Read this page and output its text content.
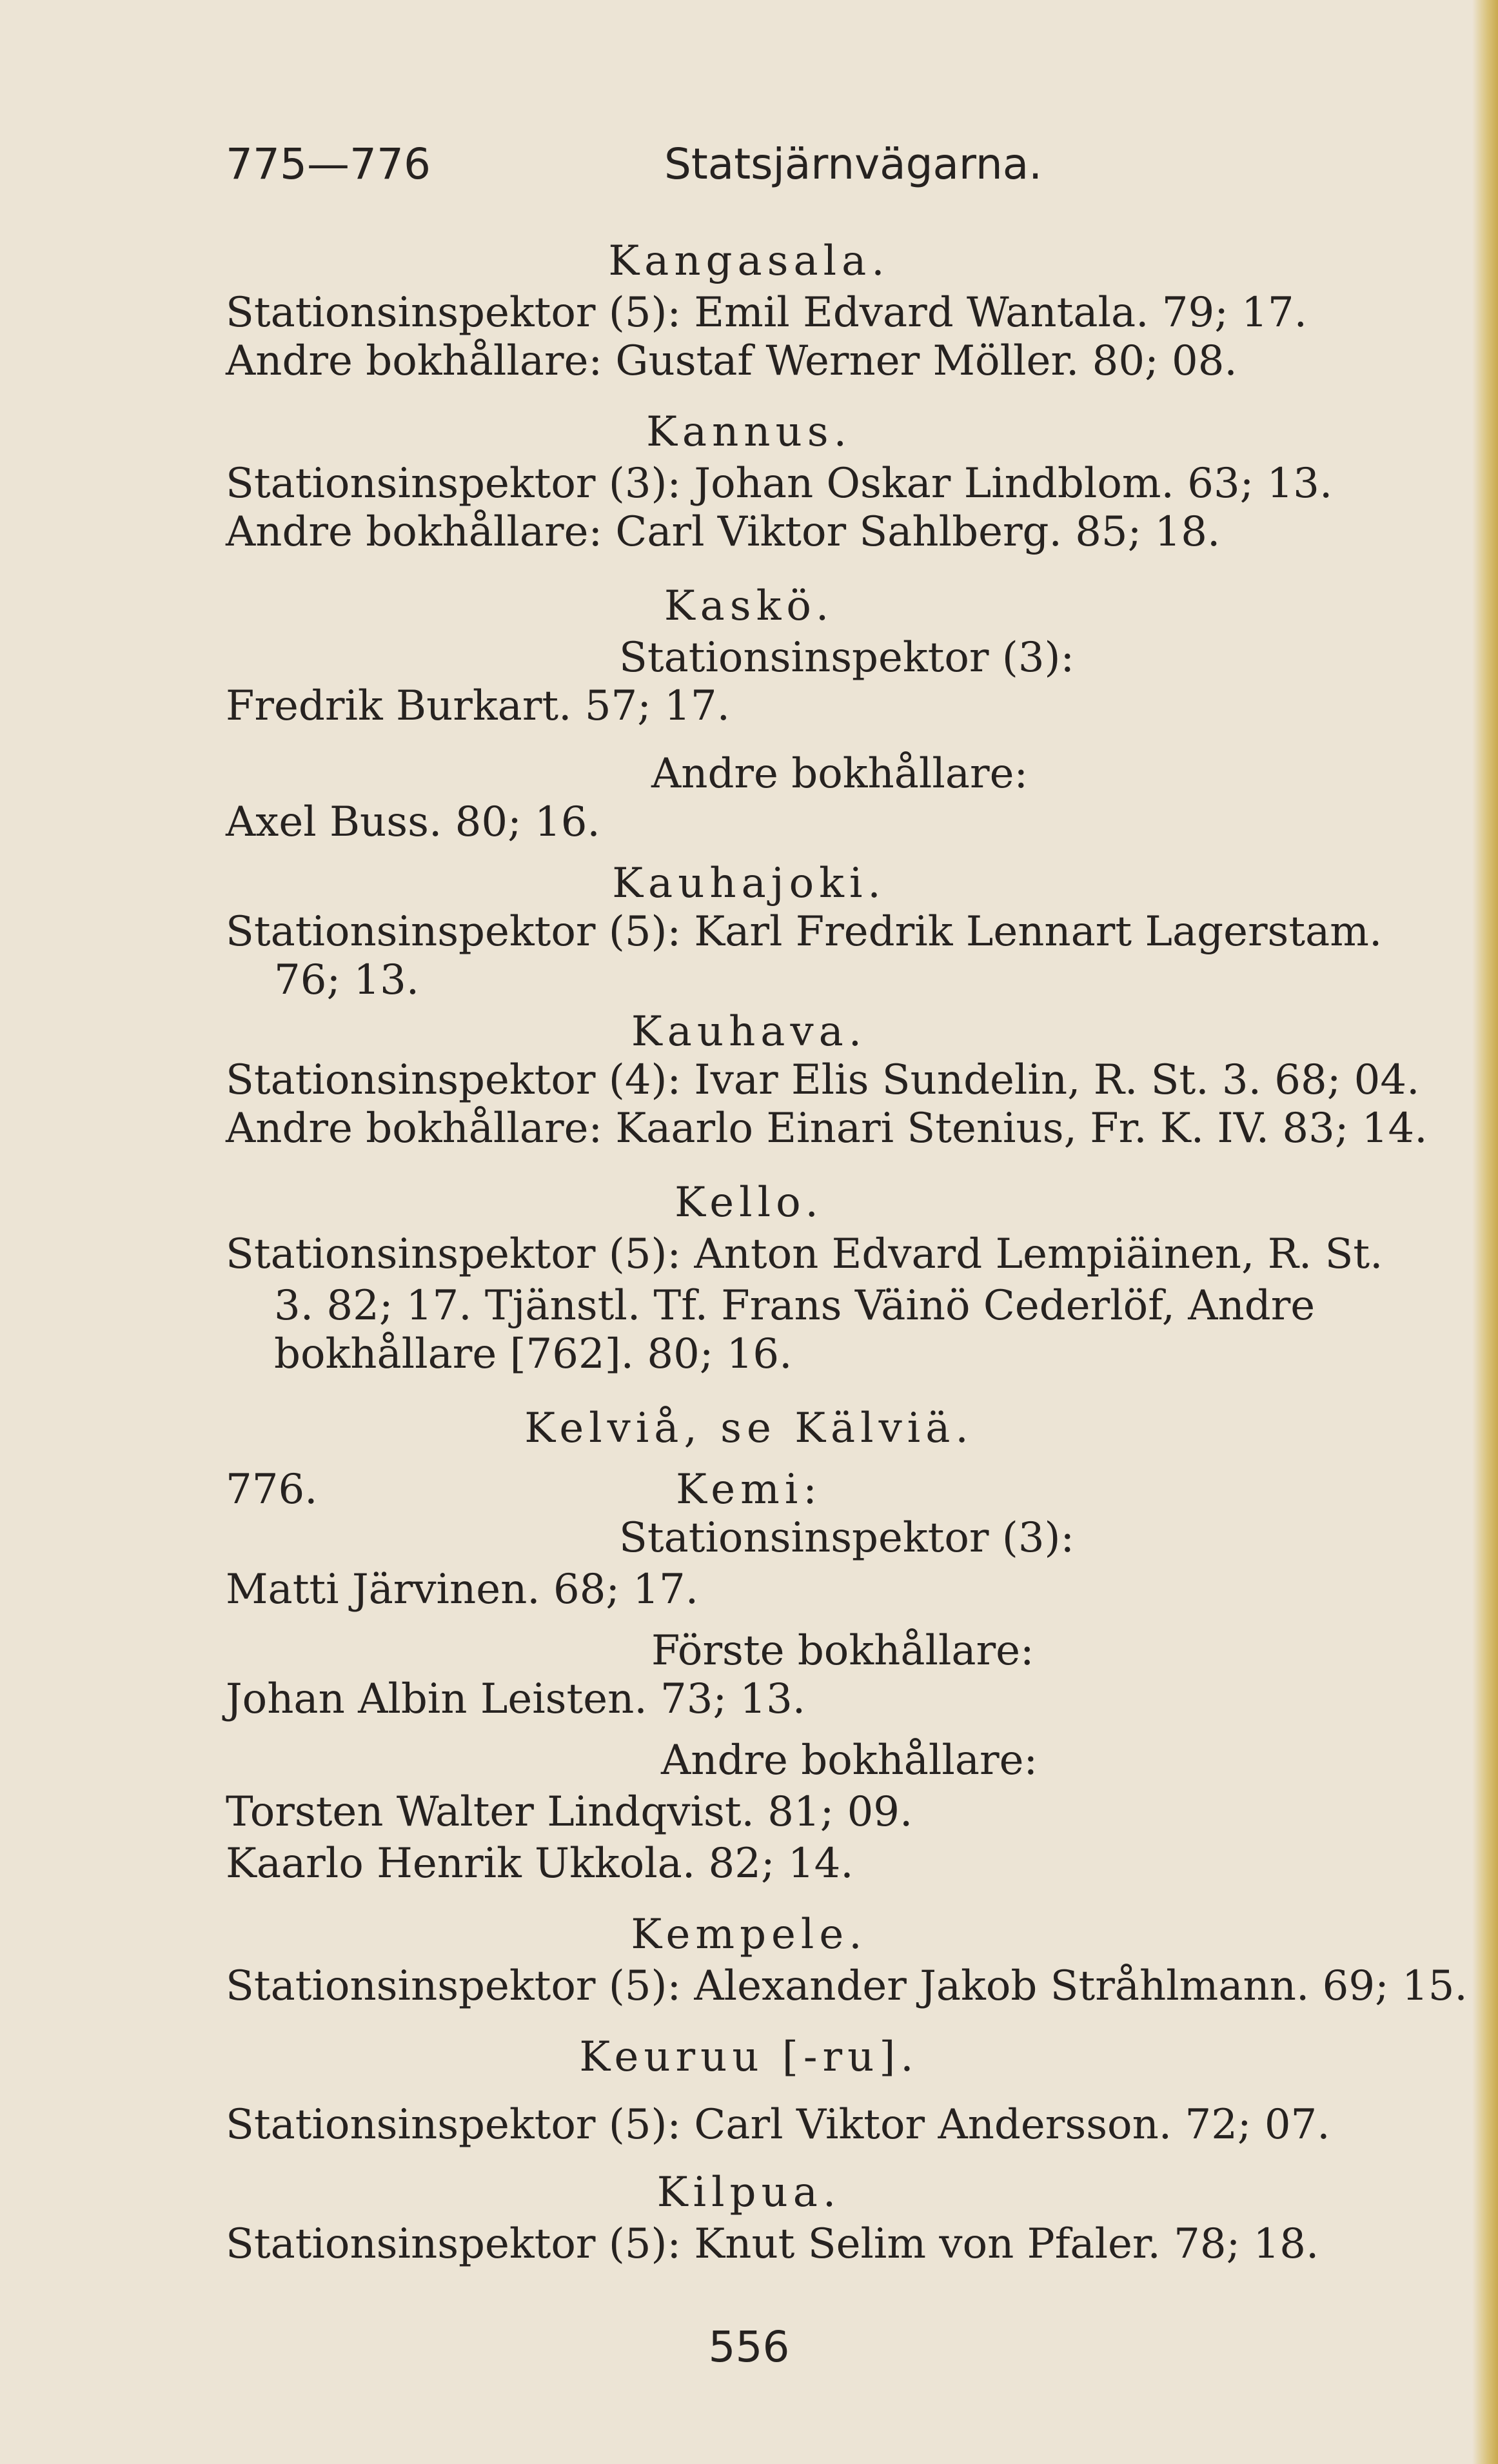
775—776	Statsjärnvägarna.
Kangasala.
Stationsinspektor (5): Emil Edvard Wantala. 79; 17.
Andre bokhållare: Gustaf Werner Möller. 80; 08.
Kannus.
Stationsinspektor (3): Johan Oskar Lindblom. 63; 13.
Andre bokhållare: Carl Viktor Sahlberg. 85; 18.
Kaskö.
Stationsinspektor (3):
Fredrik Burkart. 57; 17.
Andre bokhållare:
Axel Buss. 80; 16.
Kauhajoki.
Stationsinspektor (5): Karl Fredrik Lennart Lagerstam.
76; 13.
Kauhava.
Stationsinspektor (4): Ivar Elis Sundelin, R. St. 3. 68; 04.
Andre bokhållare: Kaarlo Einari Stenius, Fr. K. IV. 83; 14.
Kello.
Stationsinspektor (5): Anton Edvard Lempiäinen, R. St.
3. 82; 17. Tjänstl. Tf. Frans Väinö Cederlöf, Andre
bokhållare [762]. 80; 16.
Kelviå, se Kälviä.
776.	Kemi:
Stationsinspektor (3):
Matti Järvinen. 68; 17.
Förste bokhållare:
Johan Albin Leisten. 73; 13.
Andre bokhållare:
Torsten Walter Lindqvist. 81; 09.
Kaarlo Henrik Ukkola. 82; 14.
Kempele.
Stationsinspektor (5): Alexander Jakob Stråhlmann. 69; 15.
Keuruu [-ru].
Stationsinspektor (5): Carl Viktor Andersson. 72; 07.
Kilpua.
Stationsinspektor (5): Knut Selim von Pfaler. 78; 18.
556
